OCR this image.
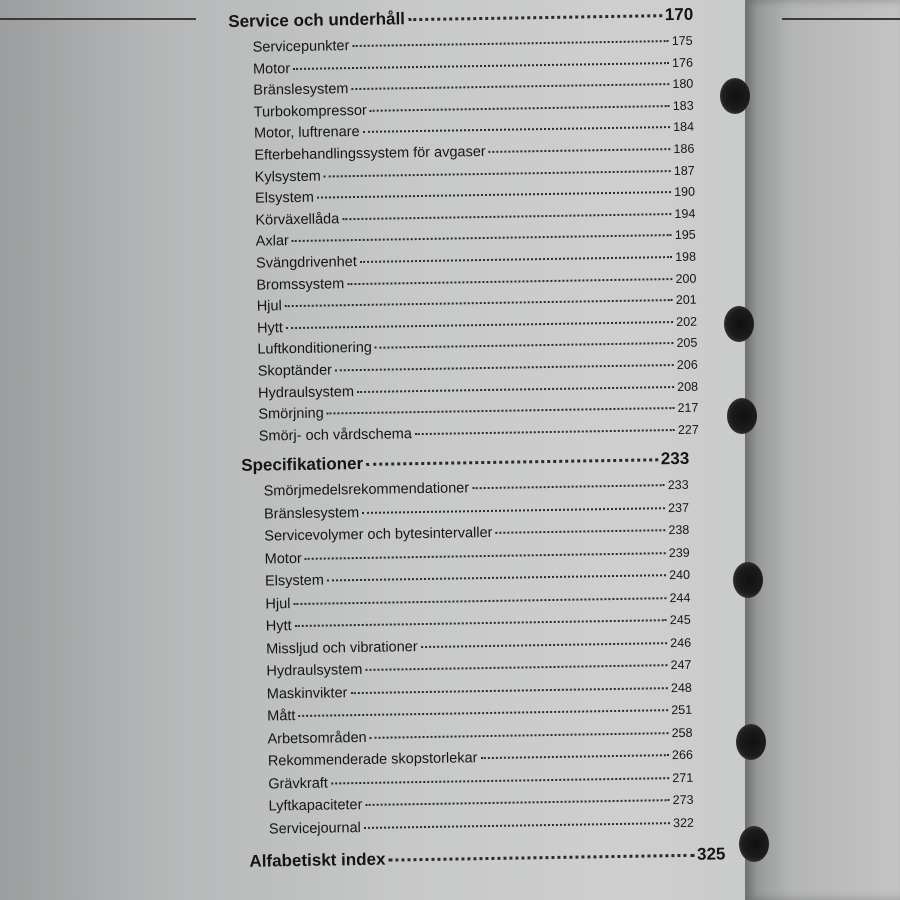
Service och underhåll	170
Servicepunkter	175
Motor	176
Bränslesystem	180
Turbokompressor	183
Motor, luftrenare	184
Efterbehandlingssystem för avgaser	186
Kylsystem	187
Elsystem	190
Körväxellåda	194
Axlar	195
Svängdrivenhet	198
Bromssystem	200
Hjul	201
Hytt	202
Luftkonditionering	205
Skoptänder	206
Hydraulsystem	208
Smörjning	217
Smörj- och vårdschema	227
Specifikationer	233
Smörjmedelsrekommendationer	233
Bränslesystem	237
Servicevolymer och bytesintervaller	238
Motor	239
Elsystem	240
Hjul	244
Hytt	245
Missljud och vibrationer	246
Hydraulsystem	247
Maskinvikter	248
Mått	251
Arbetsområden	258
Rekommenderade skopstorlekar	266
Grävkraft	271
Lyftkapaciteter	273
Servicejournal	322
Alfabetiskt index	325
